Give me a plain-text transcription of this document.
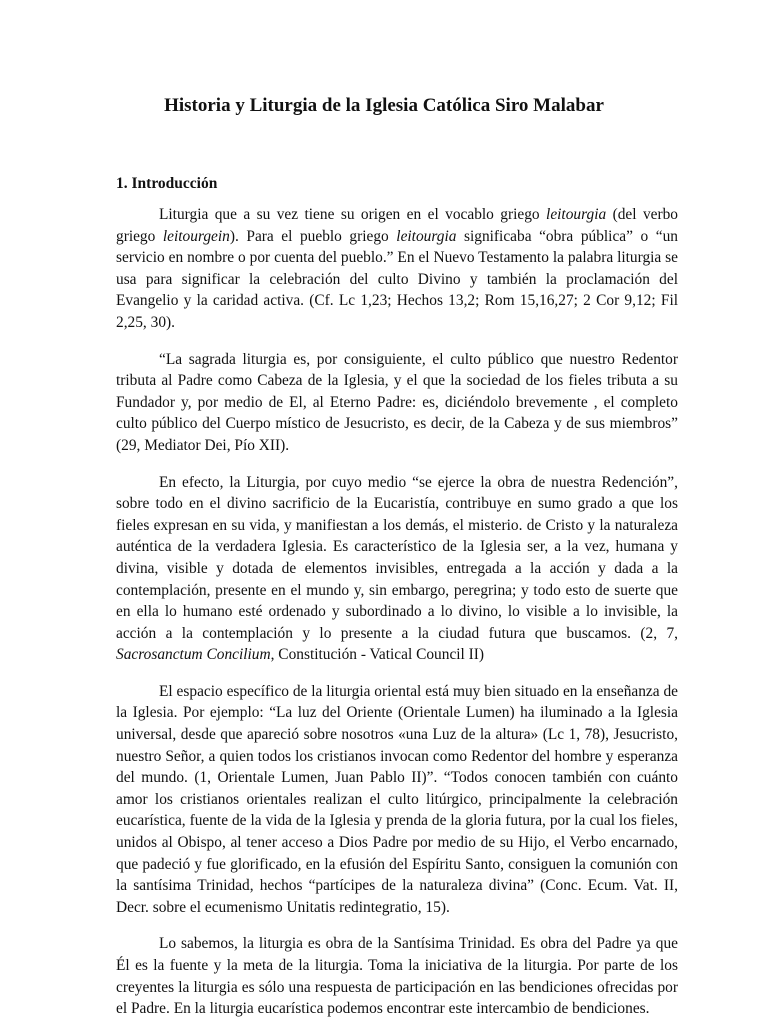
Historia y Liturgia de la Iglesia Católica Siro Malabar
1. Introducción

Liturgia que a su vez tiene su origen en el vocablo griego leitourgia (del verbo griego leitourgein). Para el pueblo griego leitourgia significaba “obra pública” o “un servicio en nombre o por cuenta del pueblo.” En el Nuevo Testamento la palabra liturgia se usa para significar la celebración del culto Divino y también la proclamación del Evangelio y la caridad activa. (Cf. Lc 1,23; Hechos 13,2; Rom 15,16,27; 2 Cor 9,12; Fil 2,25, 30).

“La sagrada liturgia es, por consiguiente, el culto público que nuestro Redentor tributa al Padre como Cabeza de la Iglesia, y el que la sociedad de los fieles tributa a su Fundador y, por medio de El, al Eterno Padre: es, diciéndolo brevemente , el completo culto público del Cuerpo místico de Jesucristo, es decir, de la Cabeza y de sus miembros” (29, Mediator Dei, Pío XII).

En efecto, la Liturgia, por cuyo medio “se ejerce la obra de nuestra Redención”, sobre todo en el divino sacrificio de la Eucaristía, contribuye en sumo grado a que los fieles expresan en su vida, y manifiestan a los demás, el misterio. de Cristo y la naturaleza auténtica de la verdadera Iglesia. Es característico de la Iglesia ser, a la vez, humana y divina, visible y dotada de elementos invisibles, entregada a la acción y dada a la contemplación, presente en el mundo y, sin embargo, peregrina; y todo esto de suerte que en ella lo humano esté ordenado y subordinado a lo divino, lo visible a lo invisible, la acción a la contemplación y lo presente a la ciudad futura que buscamos. (2, 7, Sacrosanctum Concilium, Constitución - Vatical Council II)

El espacio específico de la liturgia oriental está muy bien situado en la enseñanza de la Iglesia. Por ejemplo: “La luz del Oriente (Orientale Lumen) ha iluminado a la Iglesia universal, desde que apareció sobre nosotros «una Luz de la altura» (Lc 1, 78), Jesucristo, nuestro Señor, a quien todos los cristianos invocan como Redentor del hombre y esperanza del mundo. (1, Orientale Lumen, Juan Pablo II)”. “Todos conocen también con cuánto amor los cristianos orientales realizan el culto litúrgico, principalmente la celebración eucarística, fuente de la vida de la Iglesia y prenda de la gloria futura, por la cual los fieles, unidos al Obispo, al tener acceso a Dios Padre por medio de su Hijo, el Verbo encarnado, que padeció y fue glorificado, en la efusión del Espíritu Santo, consiguen la comunión con la santísima Trinidad, hechos “partícipes de la naturaleza divina” (Conc. Ecum. Vat. II, Decr. sobre el ecumenismo Unitatis redintegratio, 15).

Lo sabemos, la liturgia es obra de la Santísima Trinidad. Es obra del Padre ya que Él es la fuente y la meta de la liturgia. Toma la iniciativa de la liturgia. Por parte de los creyentes la liturgia es sólo una respuesta de participación en las bendiciones ofrecidas por el Padre. En la liturgia eucarística podemos encontrar este intercambio de bendiciones.
